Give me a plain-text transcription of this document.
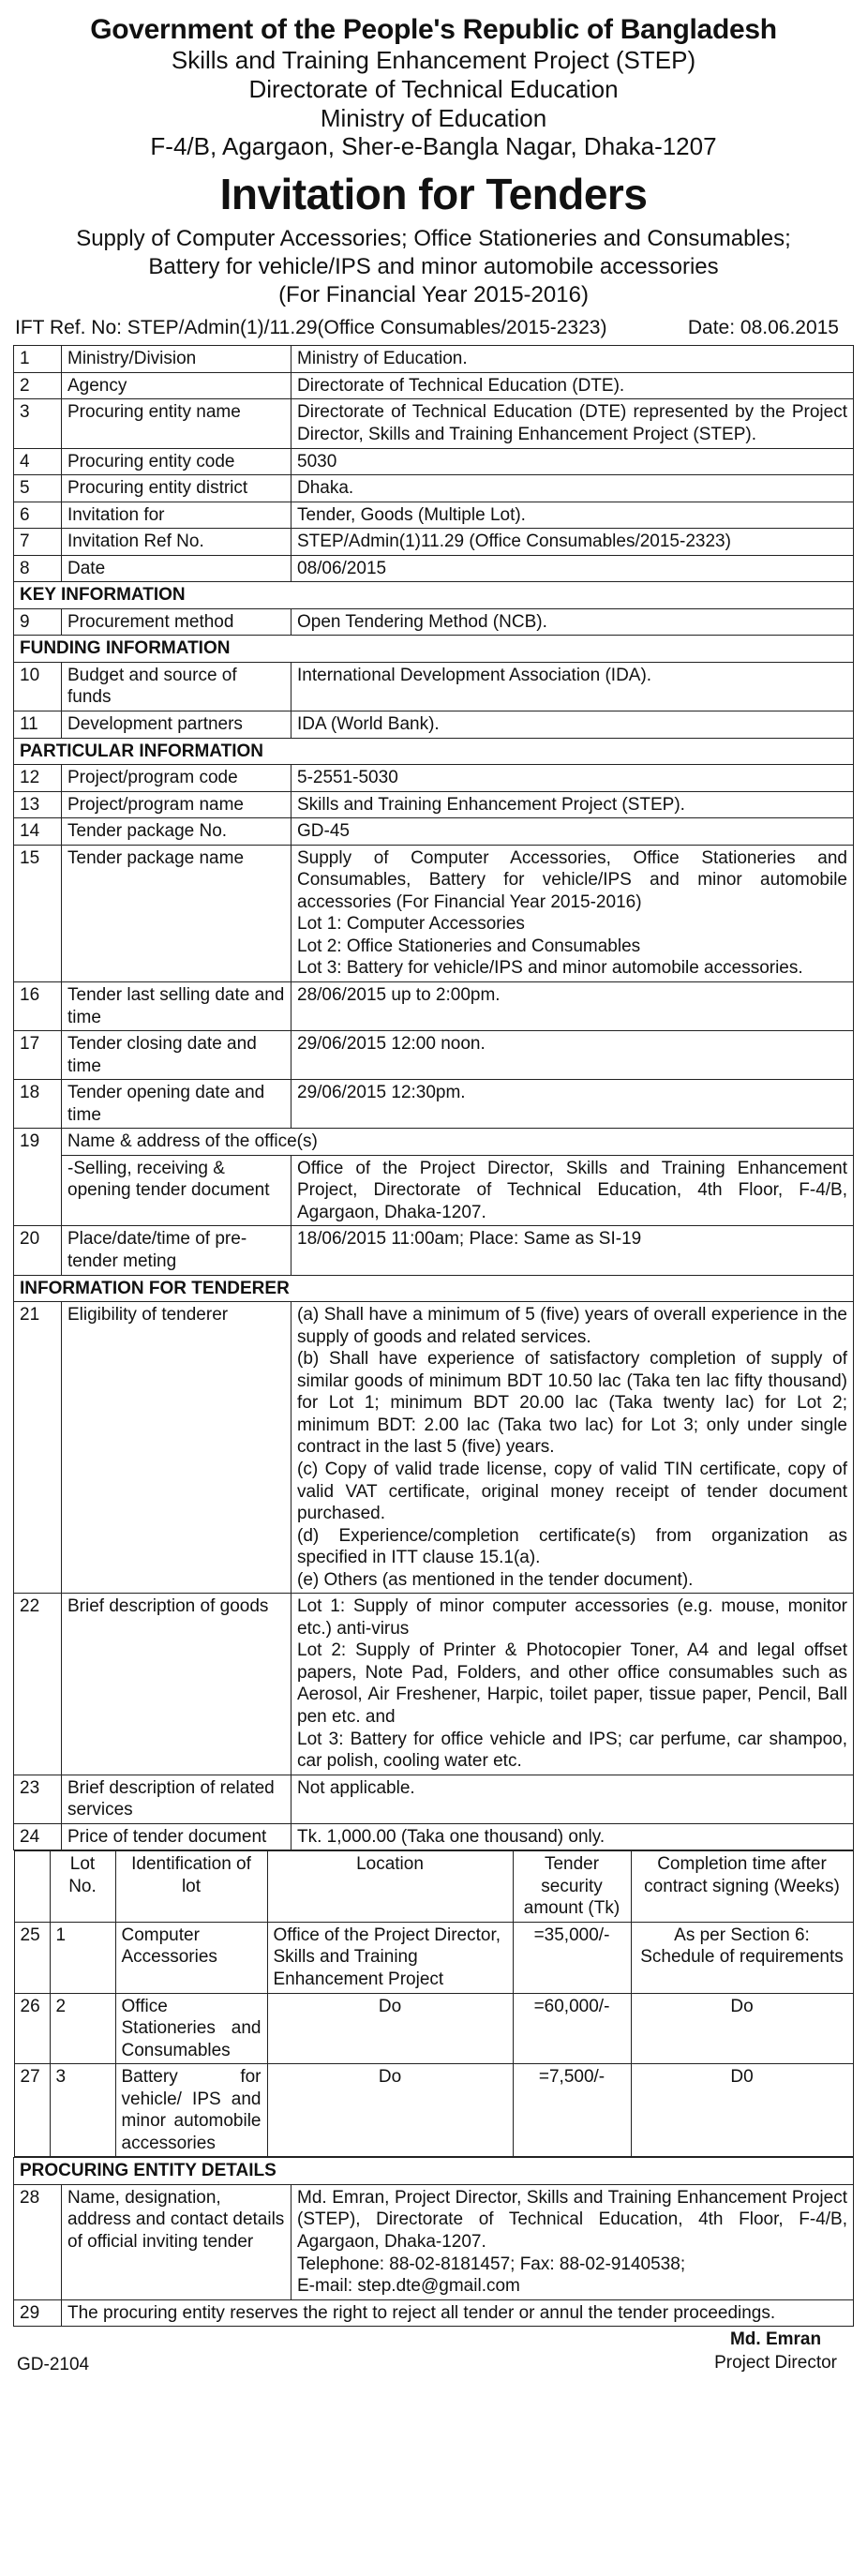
Government of the People's Republic of Bangladesh
Skills and Training Enhancement Project (STEP)
Directorate of Technical Education
Ministry of Education
F-4/B, Agargaon, Sher-e-Bangla Nagar, Dhaka-1207
Invitation for Tenders
Supply of Computer Accessories; Office Stationeries and Consumables;
Battery for vehicle/IPS and minor automobile accessories
(For Financial Year 2015-2016)
IFT Ref. No: STEP/Admin(1)/11.29(Office Consumables/2015-2323)	Date: 08.06.2015
1	Ministry/Division	Ministry of Education.
2	Agency	Directorate of Technical Education (DTE).
3	Procuring entity name	Directorate of Technical Education (DTE) represented by the Project Director, Skills and Training Enhancement Project (STEP).
4	Procuring entity code	5030
5	Procuring entity district	Dhaka.
6	Invitation for	Tender, Goods (Multiple Lot).
7	Invitation Ref No.	STEP/Admin(1)11.29 (Office Consumables/2015-2323)
8	Date	08/06/2015
KEY INFORMATION
9	Procurement method	Open Tendering Method (NCB).
FUNDING INFORMATION
10	Budget and source of funds	International Development Association (IDA).
11	Development partners	IDA (World Bank).
PARTICULAR INFORMATION
12	Project/program code	5-2551-5030
13	Project/program name	Skills and Training Enhancement Project (STEP).
14	Tender package No.	GD-45
15	Tender package name	Supply of Computer Accessories, Office Stationeries and Consumables, Battery for vehicle/IPS and minor automobile accessories (For Financial Year 2015-2016)
Lot 1: Computer Accessories
Lot 2: Office Stationeries and Consumables
Lot 3: Battery for vehicle/IPS and minor automobile accessories.

16	Tender last selling date and time	28/06/2015 up to 2:00pm.
17	Tender closing date and time	29/06/2015 12:00 noon.
18	Tender opening date and time	29/06/2015 12:30pm.
19	Name & address of the office(s)
-Selling, receiving & opening tender document	Office of the Project Director, Skills and Training Enhancement Project, Directorate of Technical Education, 4th Floor, F-4/B, Agargaon, Dhaka-1207.
20	Place/date/time of pre-tender meting	18/06/2015 11:00am; Place: Same as SI-19
INFORMATION FOR TENDERER
21	Eligibility of tenderer	(a) Shall have a minimum of 5 (five) years of overall experience in the supply of goods and related services.
(b) Shall have experience of satisfactory completion of supply of similar goods of minimum BDT 10.50 lac (Taka ten lac fifty thousand) for Lot 1; minimum BDT 20.00 lac (Taka twenty lac) for Lot 2; minimum BDT: 2.00 lac (Taka two lac) for Lot 3; only under single contract in the last 5 (five) years.
(c) Copy of valid trade license, copy of valid TIN certificate, copy of valid VAT certificate, original money receipt of tender document purchased.
(d) Experience/completion certificate(s) from organization as specified in ITT clause 15.1(a).
(e) Others (as mentioned in the tender document).

22	Brief description of goods	Lot 1: Supply of minor computer accessories (e.g. mouse, monitor etc.) anti-virus
Lot 2: Supply of Printer & Photocopier Toner, A4 and legal offset papers, Note Pad, Folders, and other office consumables such as Aerosol, Air Freshener, Harpic, toilet paper, tissue paper, Pencil, Ball pen etc. and
Lot 3: Battery for office vehicle and IPS; car perfume, car shampoo, car polish, cooling water etc.

23	Brief description of related services	Not applicable.
24	Price of tender document	Tk. 1,000.00 (Taka one thousand) only.

	Lot No.	Identification of lot	Location	Tender security amount (Tk)	Completion time after contract signing (Weeks)
25	1	Computer Accessories	Office of the Project Director, Skills and Training Enhancement Project	=35,000/-	As per Section 6: Schedule of requirements
26	2	Office Stationeries and Consumables	Do	=60,000/-	Do
27	3	Battery for vehicle/ IPS and minor automobile accessories	Do	=7,500/-	D0

PROCURING ENTITY DETAILS
28	Name, designation, address and contact details of official inviting tender	
Md. Emran, Project Director, Skills and Training Enhancement Project (STEP), Directorate of Technical Education, 4th Floor, F-4/B, Agargaon, Dhaka-1207.
Telephone: 88-02-8181457; Fax: 88-02-9140538;
E-mail: step.dte@gmail.com

29	The procuring entity reserves the right to reject all tender or annul the tender proceedings.
GD-2104
Md. Emran
Project Director
